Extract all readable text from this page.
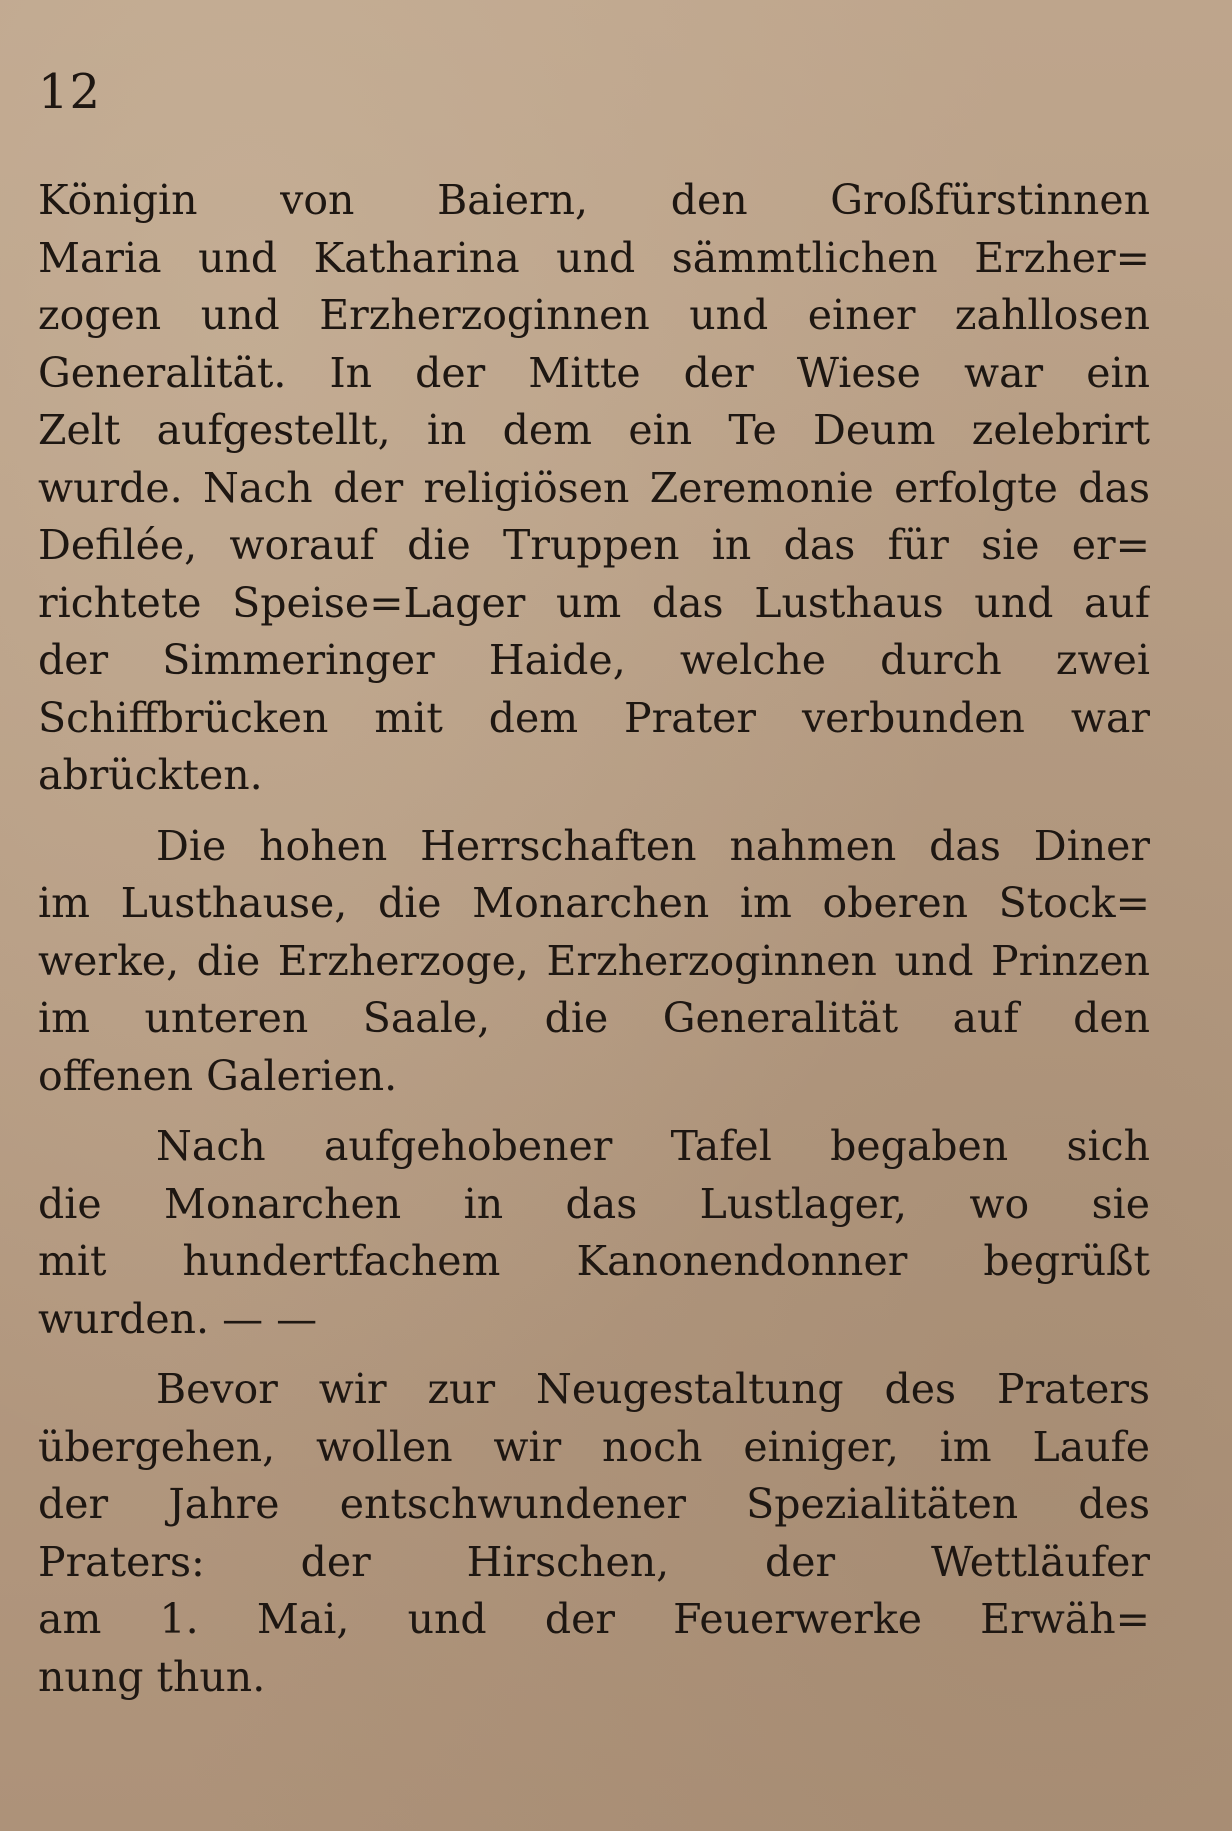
12
Königin von Baiern, den Großfürstinnen
Maria und Katharina und sämmtlichen Erzher=
zogen und Erzherzoginnen und einer zahllosen
Generalität. In der Mitte der Wiese war ein
Zelt aufgestellt, in dem ein Te Deum zelebrirt
wurde. Nach der religiösen Zeremonie erfolgte das
Defilée, worauf die Truppen in das für sie er=
richtete Speise=Lager um das Lusthaus und auf
der Simmeringer Haide, welche durch zwei
Schiffbrücken mit dem Prater verbunden war
abrückten.
Die hohen Herrschaften nahmen das Diner
im Lusthause, die Monarchen im oberen Stock=
werke, die Erzherzoge, Erzherzoginnen und Prinzen
im unteren Saale, die Generalität auf den
offenen Galerien.
Nach aufgehobener Tafel begaben sich
die Monarchen in das Lustlager, wo sie
mit hundertfachem Kanonendonner begrüßt
wurden. — —
Bevor wir zur Neugestaltung des Praters
übergehen, wollen wir noch einiger, im Laufe
der Jahre entschwundener Spezialitäten des
Praters: der Hirschen, der Wettläufer
am 1. Mai, und der Feuerwerke Erwäh=
nung thun.
